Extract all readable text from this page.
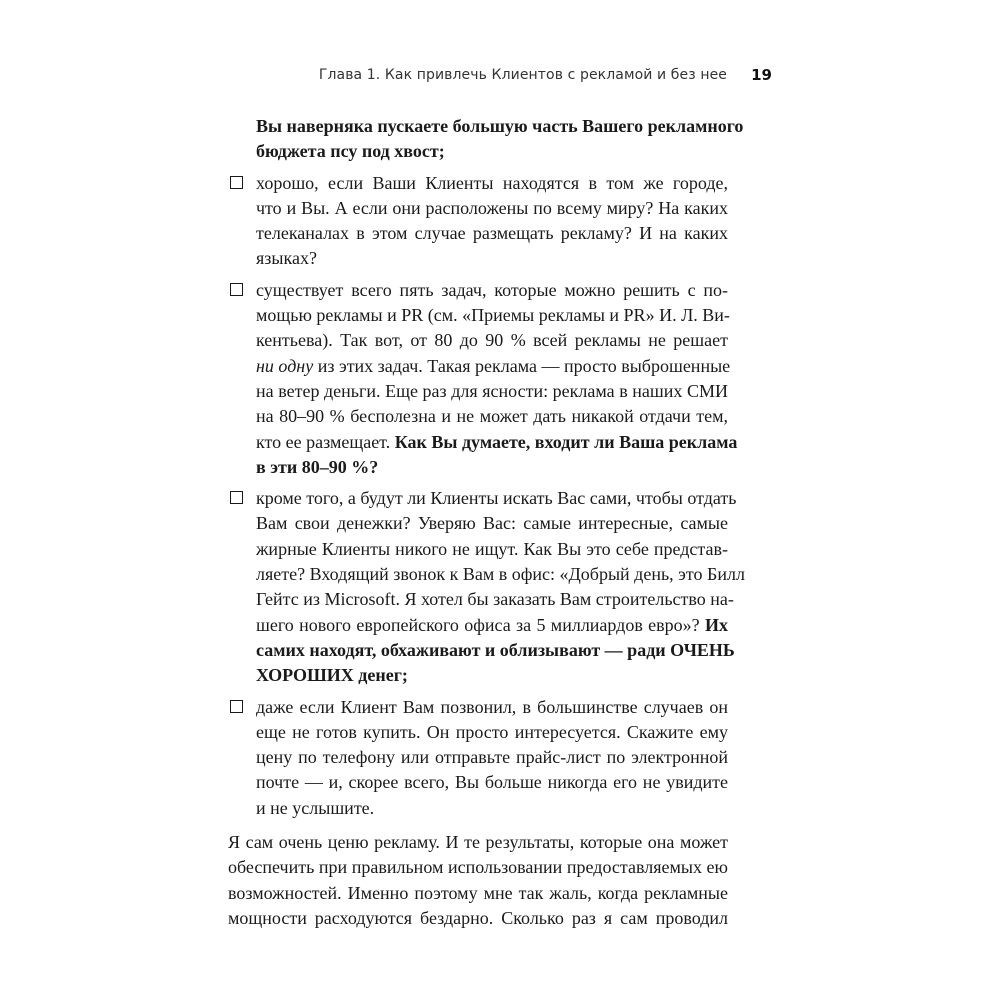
Глава 1. Как привлечь Клиентов с рекламой и без нее 19
Вы наверняка пускаете большую часть Вашего рекламного
бюджета псу под хвост;
хорошо, если Ваши Клиенты находятся в том же городе,
что и Вы. А если они расположены по всему миру? На каких
телеканалах в этом случае размещать рекламу? И на каких
языках?
существует всего пять задач, которые можно решить с по-
мощью рекламы и PR (см. «Приемы рекламы и PR» И. Л. Ви-
кентьева). Так вот, от 80 до 90 % всей рекламы не решает
ни одну из этих задач. Такая реклама — просто выброшенные
на ветер деньги. Еще раз для ясности: реклама в наших СМИ
на 80–90 % бесполезна и не может дать никакой отдачи тем,
кто ее размещает. Как Вы думаете, входит ли Ваша реклама
в эти 80–90 %?
кроме того, а будут ли Клиенты искать Вас сами, чтобы отдать
Вам свои денежки? Уверяю Вас: самые интересные, самые
жирные Клиенты никого не ищут. Как Вы это себе представ-
ляете? Входящий звонок к Вам в офис: «Добрый день, это Билл
Гейтс из Microsoft. Я хотел бы заказать Вам строительство на-
шего нового европейского офиса за 5 миллиардов евро»? Их
самих находят, обхаживают и облизывают — ради ОЧЕНЬ
ХОРОШИХ денег;
даже если Клиент Вам позвонил, в большинстве случаев он
еще не готов купить. Он просто интересуется. Скажите ему
цену по телефону или отправьте прайс-лист по электронной
почте — и, скорее всего, Вы больше никогда его не увидите
и не услышите.
Я сам очень ценю рекламу. И те результаты, которые она может
обеспечить при правильном использовании предоставляемых ею
возможностей. Именно поэтому мне так жаль, когда рекламные
мощности расходуются бездарно. Сколько раз я сам проводил
